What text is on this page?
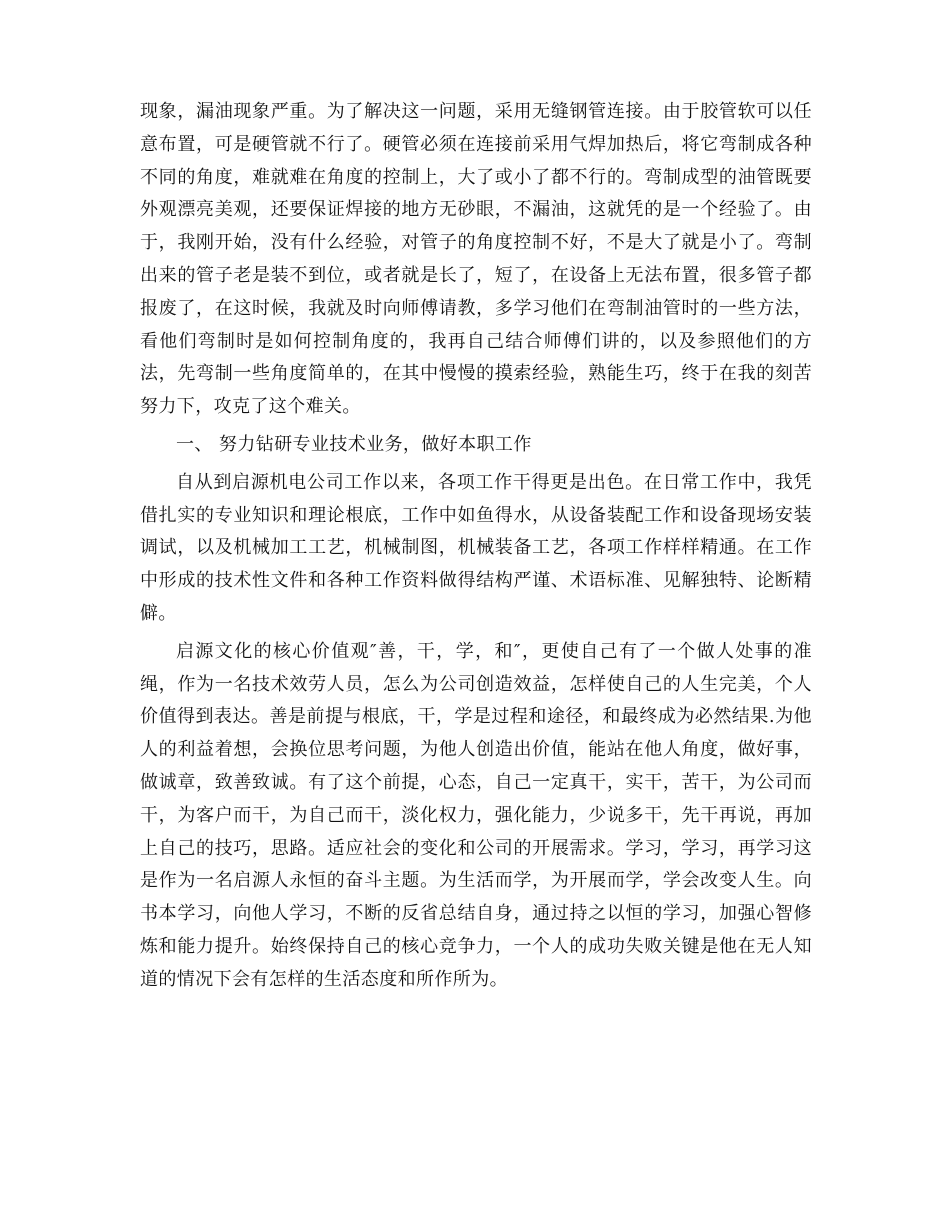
现象，漏油现象严重。为了解决这一问题，采用无缝钢管连接。由于胶管软可以任意布置，可是硬管就不行了。硬管必须在连接前采用气焊加热后，将它弯制成各种不同的角度，难就难在角度的控制上，大了或小了都不行的。弯制成型的油管既要外观漂亮美观，还要保证焊接的地方无砂眼，不漏油，这就凭的是一个经验了。由于，我刚开始，没有什么经验，对管子的角度控制不好，不是大了就是小了。弯制出来的管子老是装不到位，或者就是长了，短了，在设备上无法布置，很多管子都报废了，在这时候，我就及时向师傅请教，多学习他们在弯制油管时的一些方法，看他们弯制时是如何控制角度的，我再自己结合师傅们讲的，以及参照他们的方法，先弯制一些角度简单的，在其中慢慢的摸索经验，熟能生巧，终于在我的刻苦努力下，攻克了这个难关。

一、 努力钻研专业技术业务，做好本职工作

自从到启源机电公司工作以来，各项工作干得更是出色。在日常工作中，我凭借扎实的专业知识和理论根底，工作中如鱼得水，从设备装配工作和设备现场安装调试，以及机械加工工艺，机械制图，机械装备工艺，各项工作样样精通。在工作中形成的技术性文件和各种工作资料做得结构严谨、术语标准、见解独特、论断精僻。

启源文化的核心价值观″善，干，学，和″，更使自己有了一个做人处事的准绳，作为一名技术效劳人员，怎么为公司创造效益，怎样使自己的人生完美，个人价值得到表达。善是前提与根底，干，学是过程和途径，和最终成为必然结果.为他人的利益着想，会换位思考问题，为他人创造出价值，能站在他人角度，做好事，做诚章，致善致诚。有了这个前提，心态，自己一定真干，实干，苦干，为公司而干，为客户而干，为自己而干，淡化权力，强化能力，少说多干，先干再说，再加上自己的技巧，思路。适应社会的变化和公司的开展需求。学习，学习，再学习这是作为一名启源人永恒的奋斗主题。为生活而学，为开展而学，学会改变人生。向书本学习，向他人学习，不断的反省总结自身，通过持之以恒的学习，加强心智修炼和能力提升。始终保持自己的核心竞争力，一个人的成功失败关键是他在无人知道的情况下会有怎样的生活态度和所作所为。
